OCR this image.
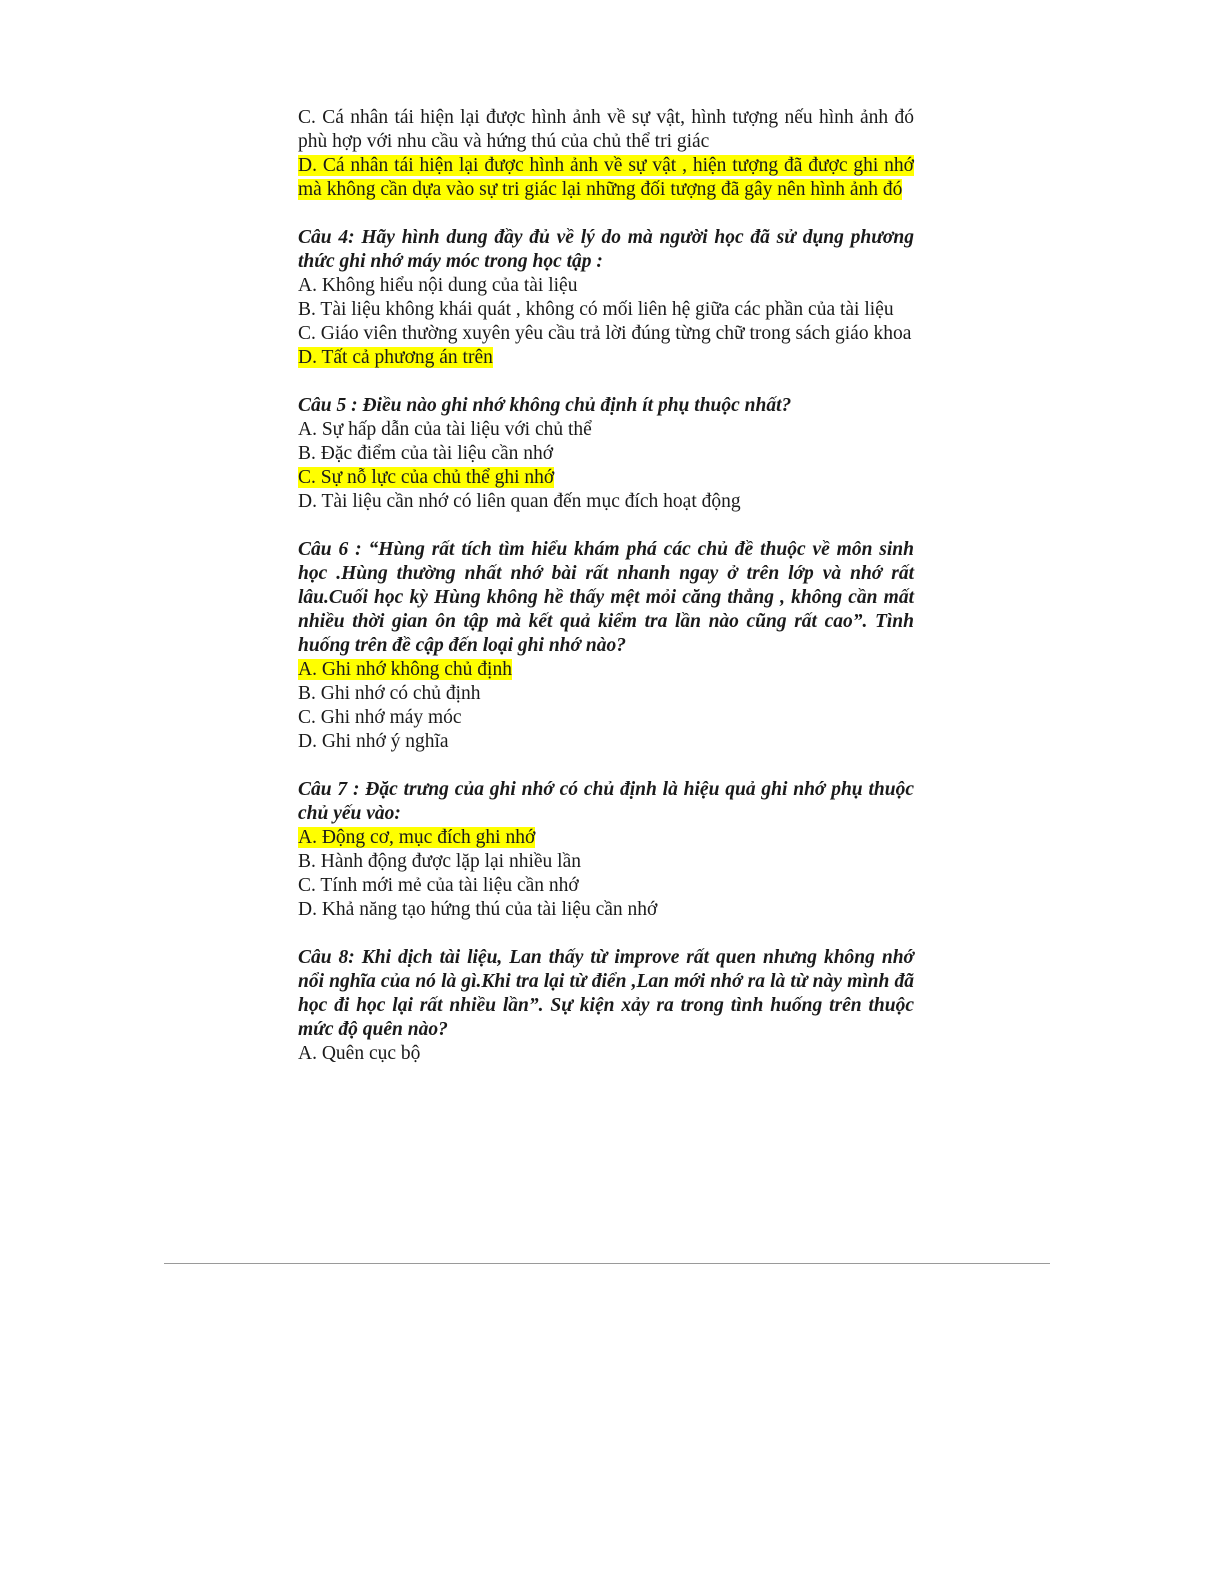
C. Cá nhân tái hiện lại được hình ảnh về sự vật, hình tượng nếu hình ảnh đó phù hợp với nhu cầu và hứng thú của chủ thể tri giác
D. Cá nhân tái hiện lại được hình ảnh về sự vật , hiện tượng đã được ghi nhớ mà không cần dựa vào sự tri giác lại những đối tượng đã gây nên hình ảnh đó
Câu 4: Hãy hình dung đầy đủ về lý do mà người học đã sử dụng phương thức ghi nhớ máy móc trong học tập :
A. Không hiểu nội dung của tài liệu
B. Tài liệu không khái quát , không có mối liên hệ giữa các phần của tài liệu
C. Giáo viên thường xuyên yêu cầu trả lời đúng từng chữ trong sách giáo khoa
D. Tất cả phương án trên
Câu 5 : Điều nào ghi nhớ không chủ định ít phụ thuộc nhất?
A. Sự hấp dẫn của tài liệu với chủ thể
B. Đặc điểm của tài liệu cần nhớ
C. Sự nỗ lực của chủ thể ghi nhớ
D. Tài liệu cần nhớ có liên quan đến mục đích hoạt động
Câu 6 : “Hùng rất tích tìm hiểu khám phá các chủ đề thuộc về môn sinh học .Hùng thường nhất nhớ bài rất nhanh ngay ở trên lớp và nhớ rất lâu.Cuối học kỳ Hùng không hề thấy mệt mỏi căng thẳng , không cần mất nhiều thời gian ôn tập mà kết quả kiểm tra lần nào cũng rất cao”. Tình huống trên đề cập đến loại ghi nhớ nào?
A. Ghi nhớ không chủ định
B. Ghi nhớ có chủ định
C. Ghi nhớ máy móc
D. Ghi nhớ ý nghĩa
Câu 7 : Đặc trưng của ghi nhớ có chủ định là hiệu quả ghi nhớ phụ thuộc chủ yếu vào:
A. Động cơ, mục đích ghi nhớ
B. Hành động được lặp lại nhiều lần
C. Tính mới mẻ của tài liệu cần nhớ
D. Khả năng tạo hứng thú của tài liệu cần nhớ
Câu 8: Khi dịch tài liệu, Lan thấy từ improve rất quen nhưng không nhớ nổi nghĩa của nó là gì.Khi tra lại từ điển ,Lan mới nhớ ra là từ này mình đã học đi học lại rất nhiều lần”. Sự kiện xảy ra trong tình huống trên thuộc mức độ quên nào?
A. Quên cục bộ
